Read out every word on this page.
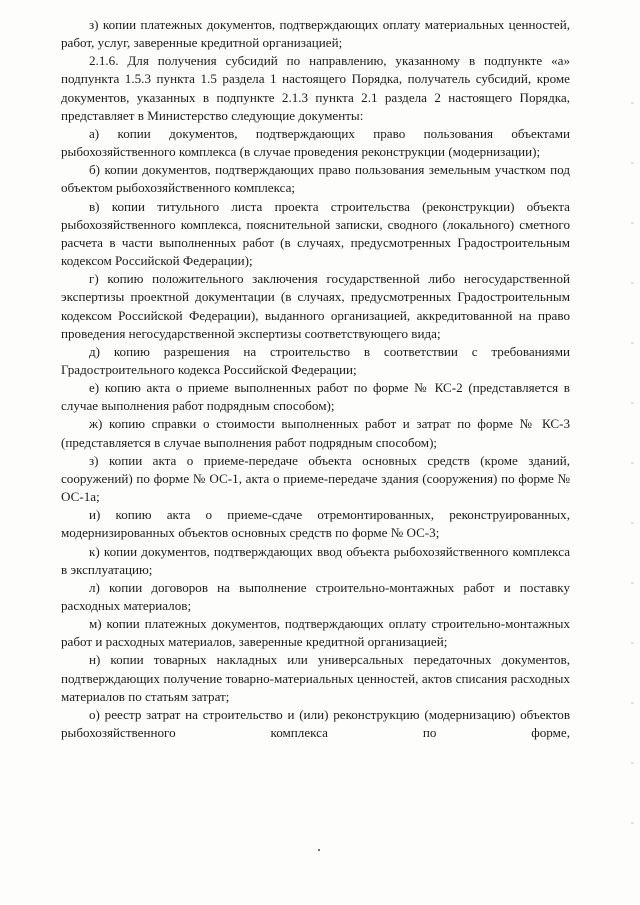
з) копии платежных документов, подтверждающих оплату материальных ценностей, работ, услуг, заверенные кредитной организацией;

2.1.6. Для получения субсидий по направлению, указанному в подпункте «а» подпункта 1.5.3 пункта 1.5 раздела 1 настоящего Порядка, получатель субсидий, кроме документов, указанных в подпункте 2.1.3 пункта 2.1 раздела 2 настоящего Порядка, представляет в Министерство следующие документы:

а) копии документов, подтверждающих право пользования объектами рыбохозяйственного комплекса (в случае проведения реконструкции (модернизации);

б) копии документов, подтверждающих право пользования земельным участком под объектом рыбохозяйственного комплекса;

в) копии титульного листа проекта строительства (реконструкции) объекта рыбохозяйственного комплекса, пояснительной записки, сводного (локального) сметного расчета в части выполненных работ (в случаях, предусмотренных Градостроительным кодексом Российской Федерации);

г) копию положительного заключения государственной либо негосударственной экспертизы проектной документации (в случаях, предусмотренных Градостроительным кодексом Российской Федерации), выданного организацией, аккредитованной на право проведения негосударственной экспертизы соответствующего вида;

д) копию разрешения на строительство в соответствии с требованиями Градостроительного кодекса Российской Федерации;

е) копию акта о приеме выполненных работ по форме № КС-2 (представляется в случае выполнения работ подрядным способом);

ж) копию справки о стоимости выполненных работ и затрат по форме № КС-3 (представляется в случае выполнения работ подрядным способом);

з) копии акта о приеме-передаче объекта основных средств (кроме зданий, сооружений) по форме № ОС-1, акта о приеме-передаче здания (сооружения) по форме № ОС-1а;

и) копию акта о приеме-сдаче отремонтированных, реконструированных, модернизированных объектов основных средств по форме № ОС-3;

к) копии документов, подтверждающих ввод объекта рыбохозяйственного комплекса в эксплуатацию;

л) копии договоров на выполнение строительно-монтажных работ и поставку расходных материалов;

м) копии платежных документов, подтверждающих оплату строительно-монтажных работ и расходных материалов, заверенные кредитной организацией;

н) копии товарных накладных или универсальных передаточных документов, подтверждающих получение товарно-материальных ценностей, актов списания расходных материалов по статьям затрат;

о) реестр затрат на строительство и (или) реконструкцию (модернизацию) объектов рыбохозяйственного комплекса по форме,
